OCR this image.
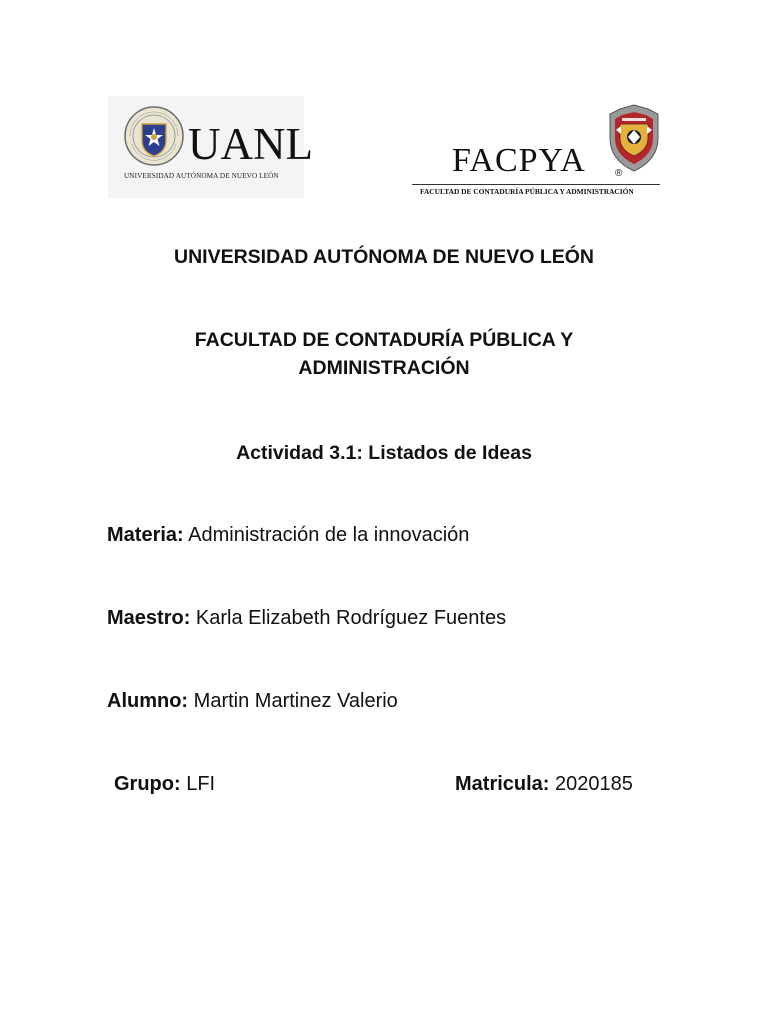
UANL
UNIVERSIDAD AUTÓNOMA DE NUEVO LEÓN	FACPYA	®
FACULTAD DE CONTADURÍA PÚBLICA Y ADMINISTRACIÓN
UNIVERSIDAD AUTÓNOMA DE NUEVO LEÓN
FACULTAD DE CONTADURÍA PÚBLICA Y
ADMINISTRACIÓN
Actividad 3.1: Listados de Ideas
Materia: Administración de la innovación
Maestro: Karla Elizabeth Rodríguez Fuentes
Alumno: Martin Martinez Valerio
Grupo: LFI	Matricula: 2020185
